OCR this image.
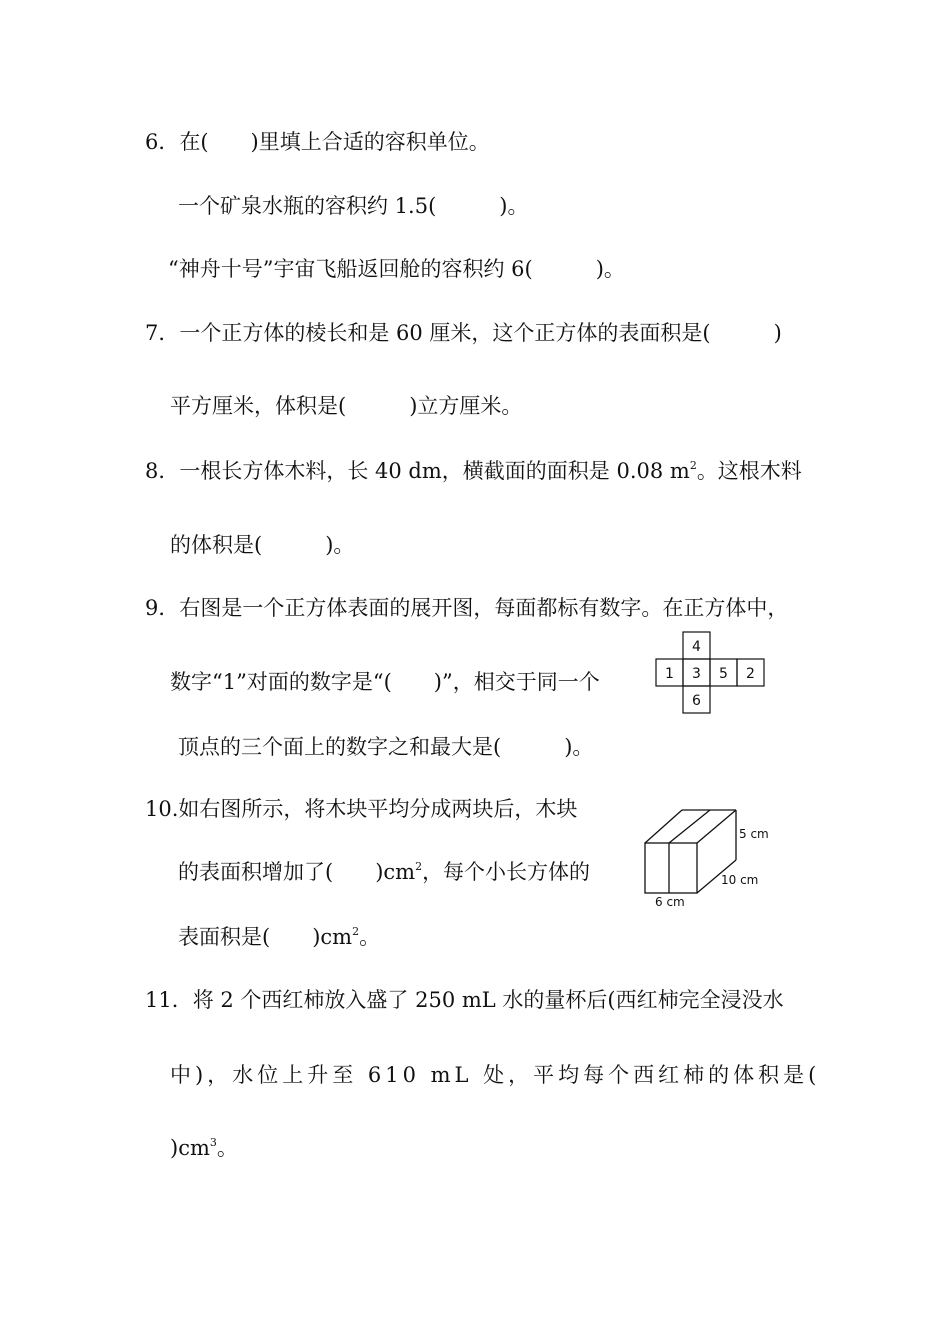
6．在(　　)里填上合适的容积单位。
一个矿泉水瓶的容积约 1.5(　　　)。
“神舟十号”宇宙飞船返回舱的容积约 6(　　　)。
7．一个正方体的棱长和是 60 厘米，这个正方体的表面积是(　　　)
平方厘米，体积是(　　　)立方厘米。
8．一根长方体木料，长 40 dm，横截面的面积是 0.08 $m^2$。这根木料
的体积是(　　　)。
9．右图是一个正方体表面的展开图，每面都标有数字。在正方体中，
数字“1”对面的数字是“(　　)”，相交于同一个
顶点的三个面上的数字之和最大是(　　　)。
4
1 3 5 2
6
10.如右图所示，将木块平均分成两块后，木块
的表面积增加了(　　)$cm^2$，每个小长方体的
表面积是(　　)$cm^2$。
5 cm
10 cm
6 cm
11．将 2 个西红柿放入盛了 250 mL 水的量杯后(西红柿完全浸没水
中)，水位上升至 610 mL 处，平均每个西红柿的体积是(
)$cm^3$。
